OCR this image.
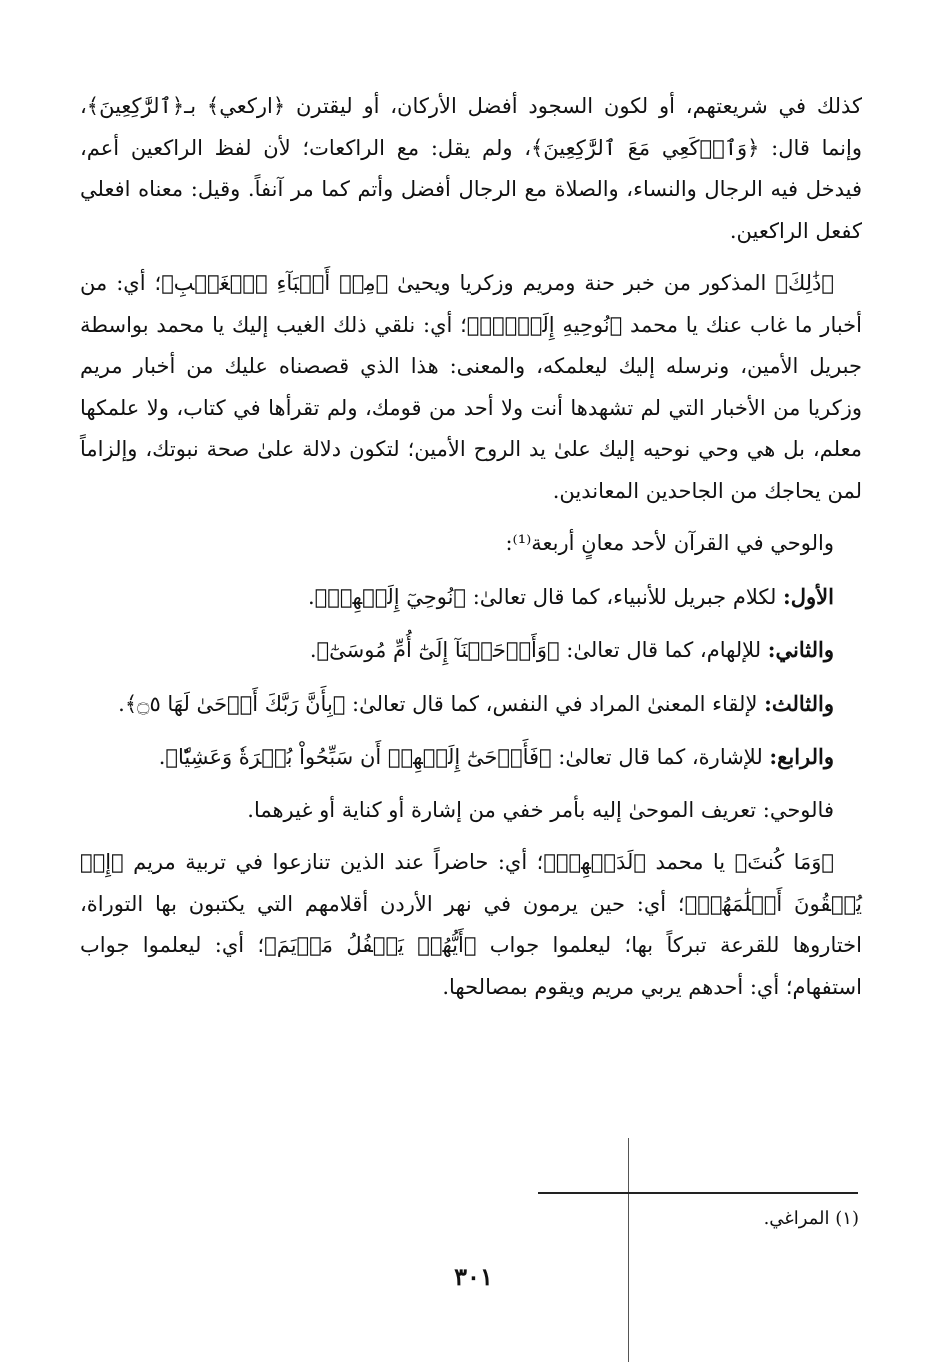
كذلك في شريعتهم، أو لكون السجود أفضل الأركان، أو ليقترن ﴿اركعي﴾ بـ﴿ٱلرَّٰكِعِينَ﴾، وإنما قال: ﴿وَٱرۡكَعِي مَعَ ٱلرَّٰكِعِينَ﴾، ولم يقل: مع الراكعات؛ لأن لفظ الراكعين أعم، فيدخل فيه الرجال والنساء، والصلاة مع الرجال أفضل وأتم كما مر آنفاً. وقيل: معناه افعلي كفعل الراكعين.

﴿ذَٰلِكَ﴾ المذكور من خبر حنة ومريم وزكريا ويحيىٰ ﴿مِنۡ أَنۢبَآءِ ٱلۡغَيۡبِ﴾؛ أي: من أخبار ما غاب عنك يا محمد ﴿نُوحِيهِ إِلَيۡكَۚ﴾؛ أي: نلقي ذلك الغيب إليك يا محمد بواسطة جبريل الأمين، ونرسله إليك ليعلمكه، والمعنى: هذا الذي قصصناه عليك من أخبار مريم وزكريا من الأخبار التي لم تشهدها أنت ولا أحد من قومك، ولم تقرأها في كتاب، ولا علمكها معلم، بل هي وحي نوحيه إليك علىٰ يد الروح الأمين؛ لتكون دلالة علىٰ صحة نبوتك، وإلزاماً لمن يحاجك من الجاحدين المعاندين.

والوحي في القرآن لأحد معانٍ أربعة⁽¹⁾:

الأول: لكلام جبريل للأنبياء، كما قال تعالىٰ: ﴿نُوحِيٓ إِلَيۡهِمۡ﴾.

والثاني: للإلهام، كما قال تعالىٰ: ﴿وَأَوۡحَيۡنَآ إِلَىٰٓ أُمِّ مُوسَىٰٓ﴾.

والثالث: لإلقاء المعنىٰ المراد في النفس، كما قال تعالىٰ: ﴿بِأَنَّ رَبَّكَ أَوۡحَىٰ لَهَا ۝٥﴾.

والرابع: للإشارة، كما قال تعالىٰ: ﴿فَأَوۡحَىٰٓ إِلَيۡهِمۡ أَن سَبِّحُواْ بُكۡرَةٗ وَعَشِيّٗا﴾.

فالوحي: تعريف الموحىٰ إليه بأمر خفي من إشارة أو كناية أو غيرهما.

﴿وَمَا كُنتَ﴾ يا محمد ﴿لَدَيۡهِمۡ﴾؛ أي: حاضراً عند الذين تنازعوا في تربية مريم ﴿إِذۡ يُلۡقُونَ أَقۡلَٰمَهُمۡ﴾؛ أي: حين يرمون في نهر الأردن أقلامهم التي يكتبون بها التوراة، اختاروها للقرعة تبركاً بها؛ ليعلموا جواب ﴿أَيُّهُمۡ يَكۡفُلُ مَرۡيَمَ﴾؛ أي: ليعلموا جواب استفهام؛ أي: أحدهم يربي مريم ويقوم بمصالحها.

(١) المراغي.
٣٠١
